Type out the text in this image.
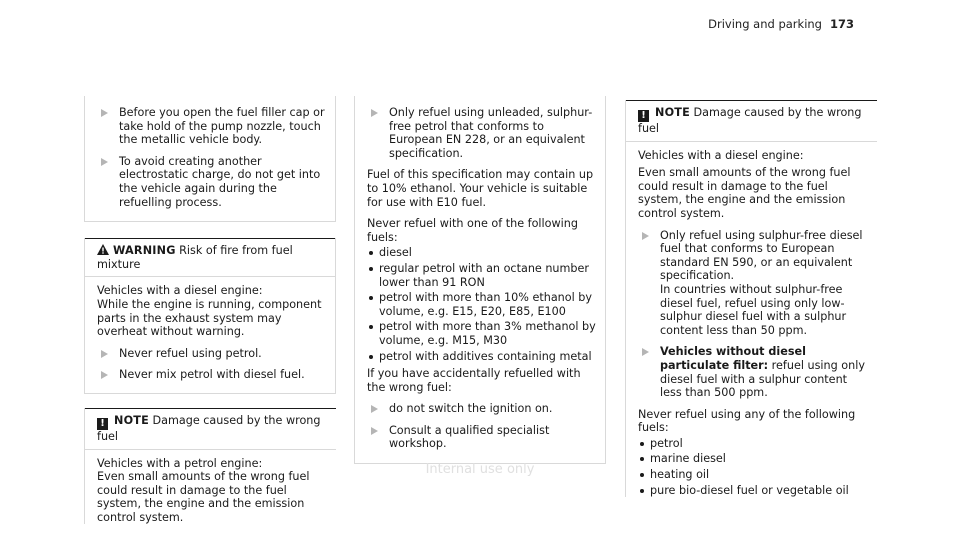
Driving and parking 173
Before you open the fuel filler cap or take hold of the pump nozzle, touch the metallic vehicle body.
To avoid creating another electrostatic charge, do not get into the vehicle again during the refuelling process.
WARNING Risk of fire from fuel mixture
Vehicles with a diesel engine:
While the engine is running, component parts in the exhaust system may overheat without warning.
Never refuel using petrol.
Never mix petrol with diesel fuel.
! NOTE Damage caused by the wrong fuel
Vehicles with a petrol engine:
Even small amounts of the wrong fuel could result in damage to the fuel system, the engine and the emission control system.
Only refuel using unleaded, sulphur-free petrol that conforms to European EN 228, or an equivalent specification.
Fuel of this specification may contain up to 10% ethanol. Your vehicle is suitable for use with E10 fuel.
Never refuel with one of the following fuels:
diesel
regular petrol with an octane number lower than 91 RON
petrol with more than 10% ethanol by volume, e.g. E15, E20, E85, E100
petrol with more than 3% methanol by volume, e.g. M15, M30
petrol with additives containing metal
If you have accidentally refuelled with the wrong fuel:
do not switch the ignition on.
Consult a qualified specialist workshop.
! NOTE Damage caused by the wrong fuel
Vehicles with a diesel engine:
Even small amounts of the wrong fuel could result in damage to the fuel system, the engine and the emission control system.
Only refuel using sulphur-free diesel fuel that conforms to European standard EN 590, or an equivalent specification.
In countries without sulphur-free diesel fuel, refuel using only low-sulphur diesel fuel with a sulphur content less than 50 ppm.
Vehicles without diesel particulate filter: refuel using only diesel fuel with a sulphur content less than 500 ppm.
Never refuel using any of the following fuels:
petrol
marine diesel
heating oil
pure bio-diesel fuel or vegetable oil
Internal use only
